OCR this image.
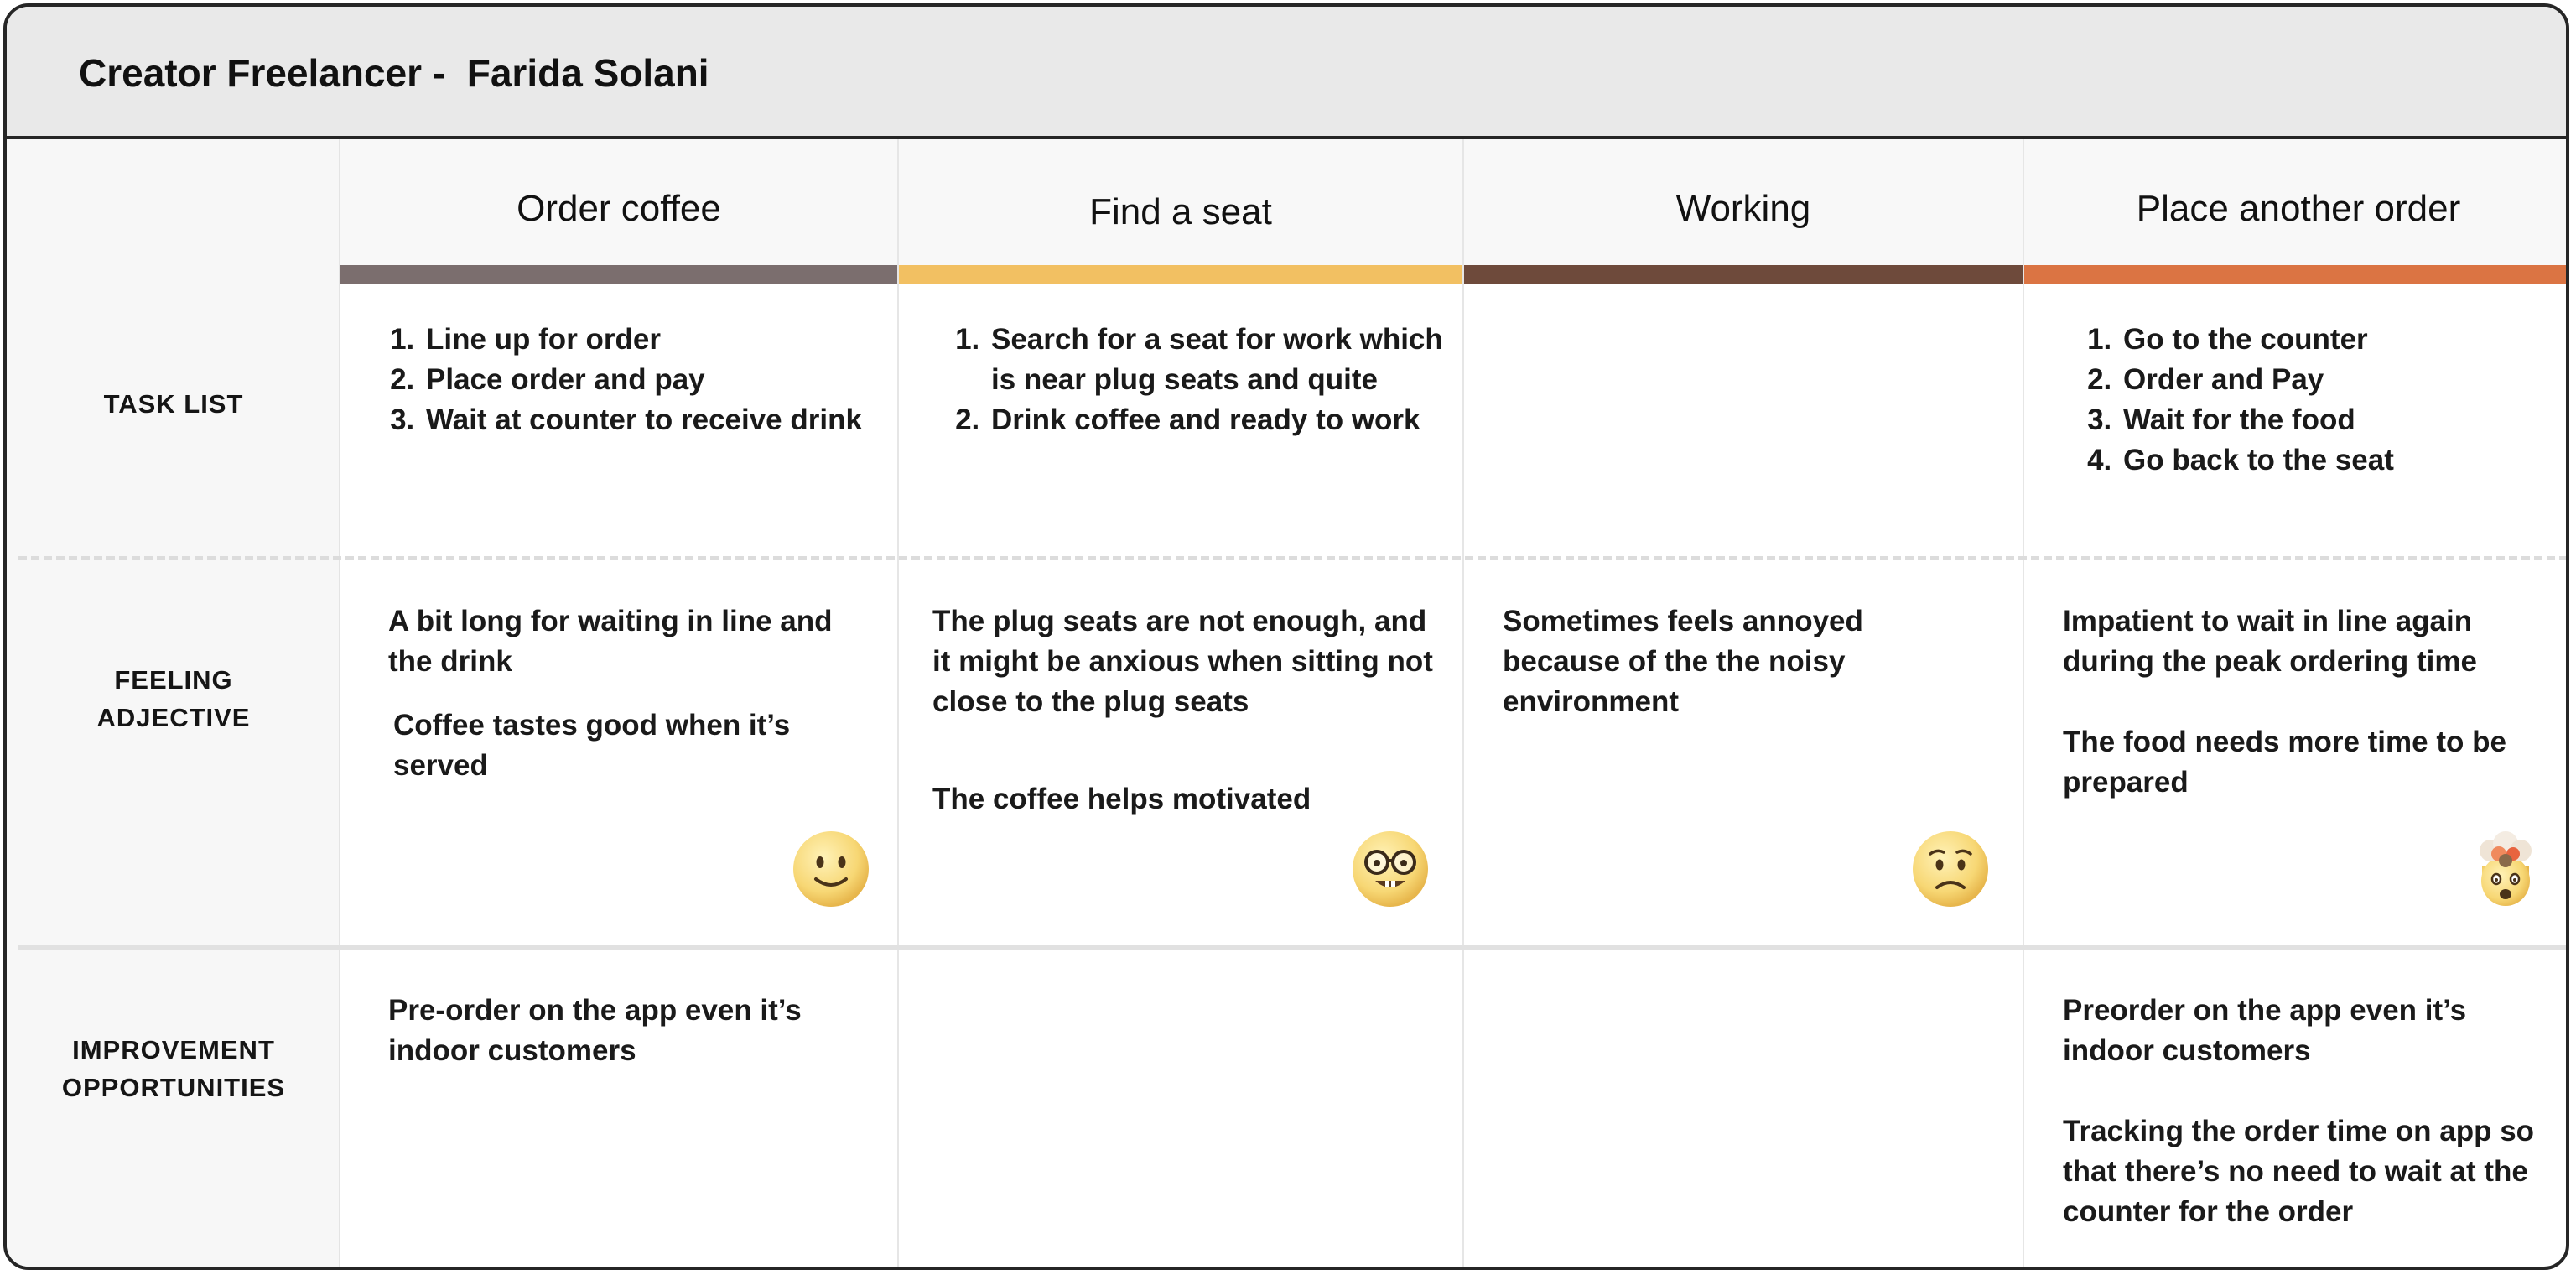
Creator Freelancer -  Farida Solani
TASK LIST
FEELING
ADJECTIVE
IMPROVEMENT
OPPORTUNITIES
Order coffee
1. Line up for order
2. Place order and pay
3. Wait at counter to receive drink

A bit long for waiting in line and the drink

Coffee tastes good when it’s served

Pre-order on the app even it’s indoor customers

Find a seat
1. Search for a seat for work which is near plug seats and quite
2. Drink coffee and ready to work

The plug seats are not enough, and it might be anxious when sitting not close to the plug seats

The coffee helps motivated

Working

Sometimes feels annoyed because of the the noisy environment

Place another order
1. Go to the counter
2. Order and Pay
3. Wait for the food
4. Go back to the seat

Impatient to wait in line again during the peak ordering time

The food needs more time to be prepared

Preorder on the app even it’s indoor customers

Tracking the order time on app so that there’s no need to wait at the counter for the order
